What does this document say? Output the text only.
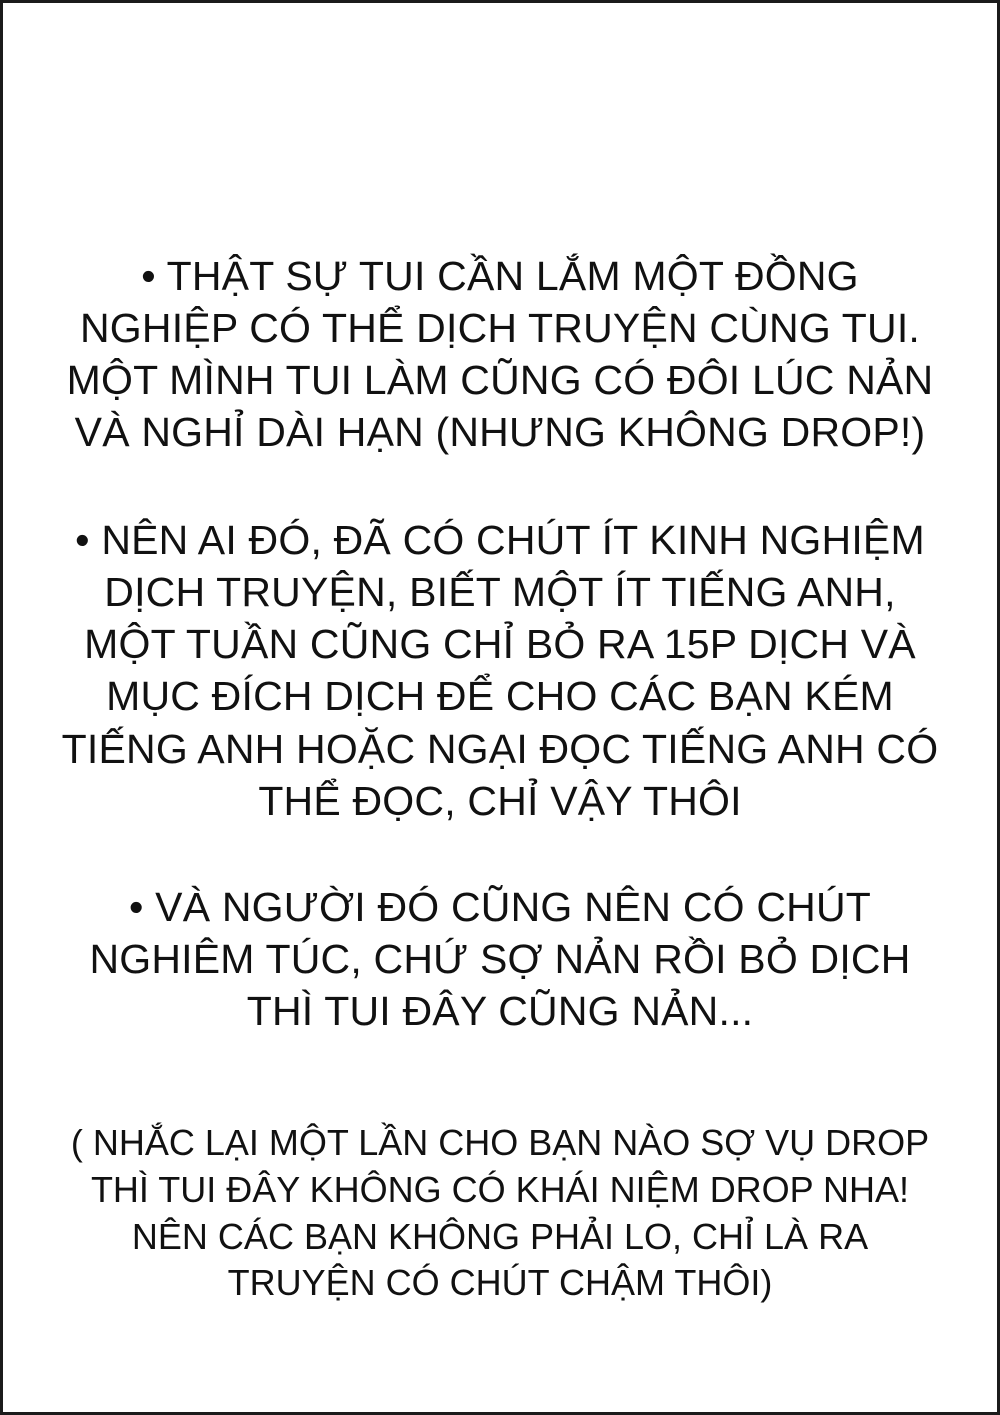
• THẬT SỰ TUI CẦN LẮM MỘT ĐỒNG NGHIỆP CÓ THỂ DỊCH TRUYỆN CÙNG TUI. MỘT MÌNH TUI LÀM CŨNG CÓ ĐÔI LÚC NẢN VÀ NGHỈ DÀI HẠN (NHƯNG KHÔNG DROP!)

• NÊN AI ĐÓ, ĐÃ CÓ CHÚT ÍT KINH NGHIỆM DỊCH TRUYỆN, BIẾT MỘT ÍT TIẾNG ANH, MỘT TUẦN CŨNG CHỈ BỎ RA 15P DỊCH VÀ MỤC ĐÍCH DỊCH ĐỂ CHO CÁC BẠN KÉM TIẾNG ANH HOẶC NGẠI ĐỌC TIẾNG ANH CÓ THỂ ĐỌC, CHỈ VẬY THÔI

• VÀ NGƯỜI ĐÓ CŨNG NÊN CÓ CHÚT NGHIÊM TÚC, CHỨ SỢ NẢN RỒI BỎ DỊCH THÌ TUI ĐÂY CŨNG NẢN...

( NHẮC LẠI MỘT LẦN CHO BẠN NÀO SỢ VỤ DROP THÌ TUI ĐÂY KHÔNG CÓ KHÁI NIỆM DROP NHA! NÊN CÁC BẠN KHÔNG PHẢI LO, CHỈ LÀ RA TRUYỆN CÓ CHÚT CHẬM THÔI)
